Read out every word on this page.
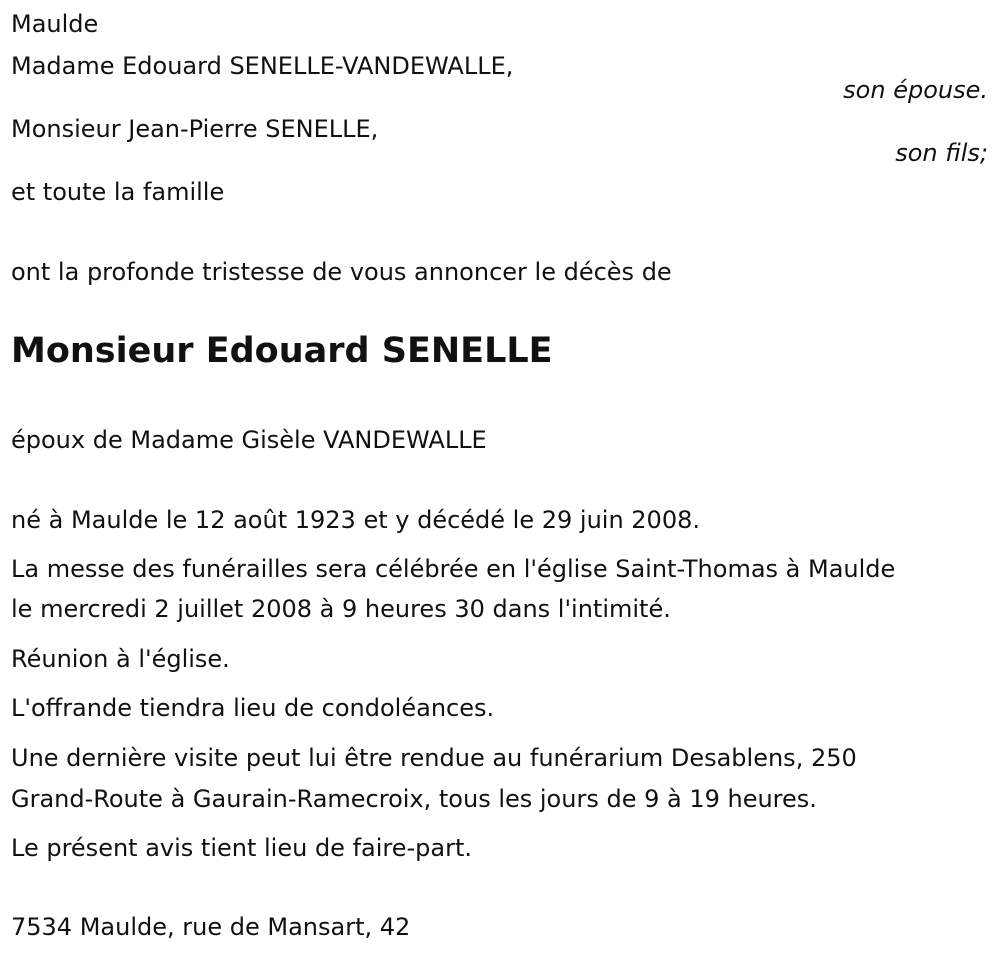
Maulde
Madame Edouard SENELLE-VANDEWALLE,
son épouse.
Monsieur Jean-Pierre SENELLE,
son fils;
et toute la famille
ont la profonde tristesse de vous annoncer le décès de
Monsieur Edouard SENELLE
époux de Madame Gisèle VANDEWALLE
né à Maulde le 12 août 1923 et y décédé le 29 juin 2008.
La messe des funérailles sera célébrée en l'église Saint-Thomas à Maulde
le mercredi 2 juillet 2008 à 9 heures 30 dans l'intimité.
Réunion à l'église.
L'offrande tiendra lieu de condoléances.
Une dernière visite peut lui être rendue au funérarium Desablens, 250
Grand-Route à Gaurain-Ramecroix, tous les jours de 9 à 19 heures.
Le présent avis tient lieu de faire-part.
7534 Maulde, rue de Mansart, 42
